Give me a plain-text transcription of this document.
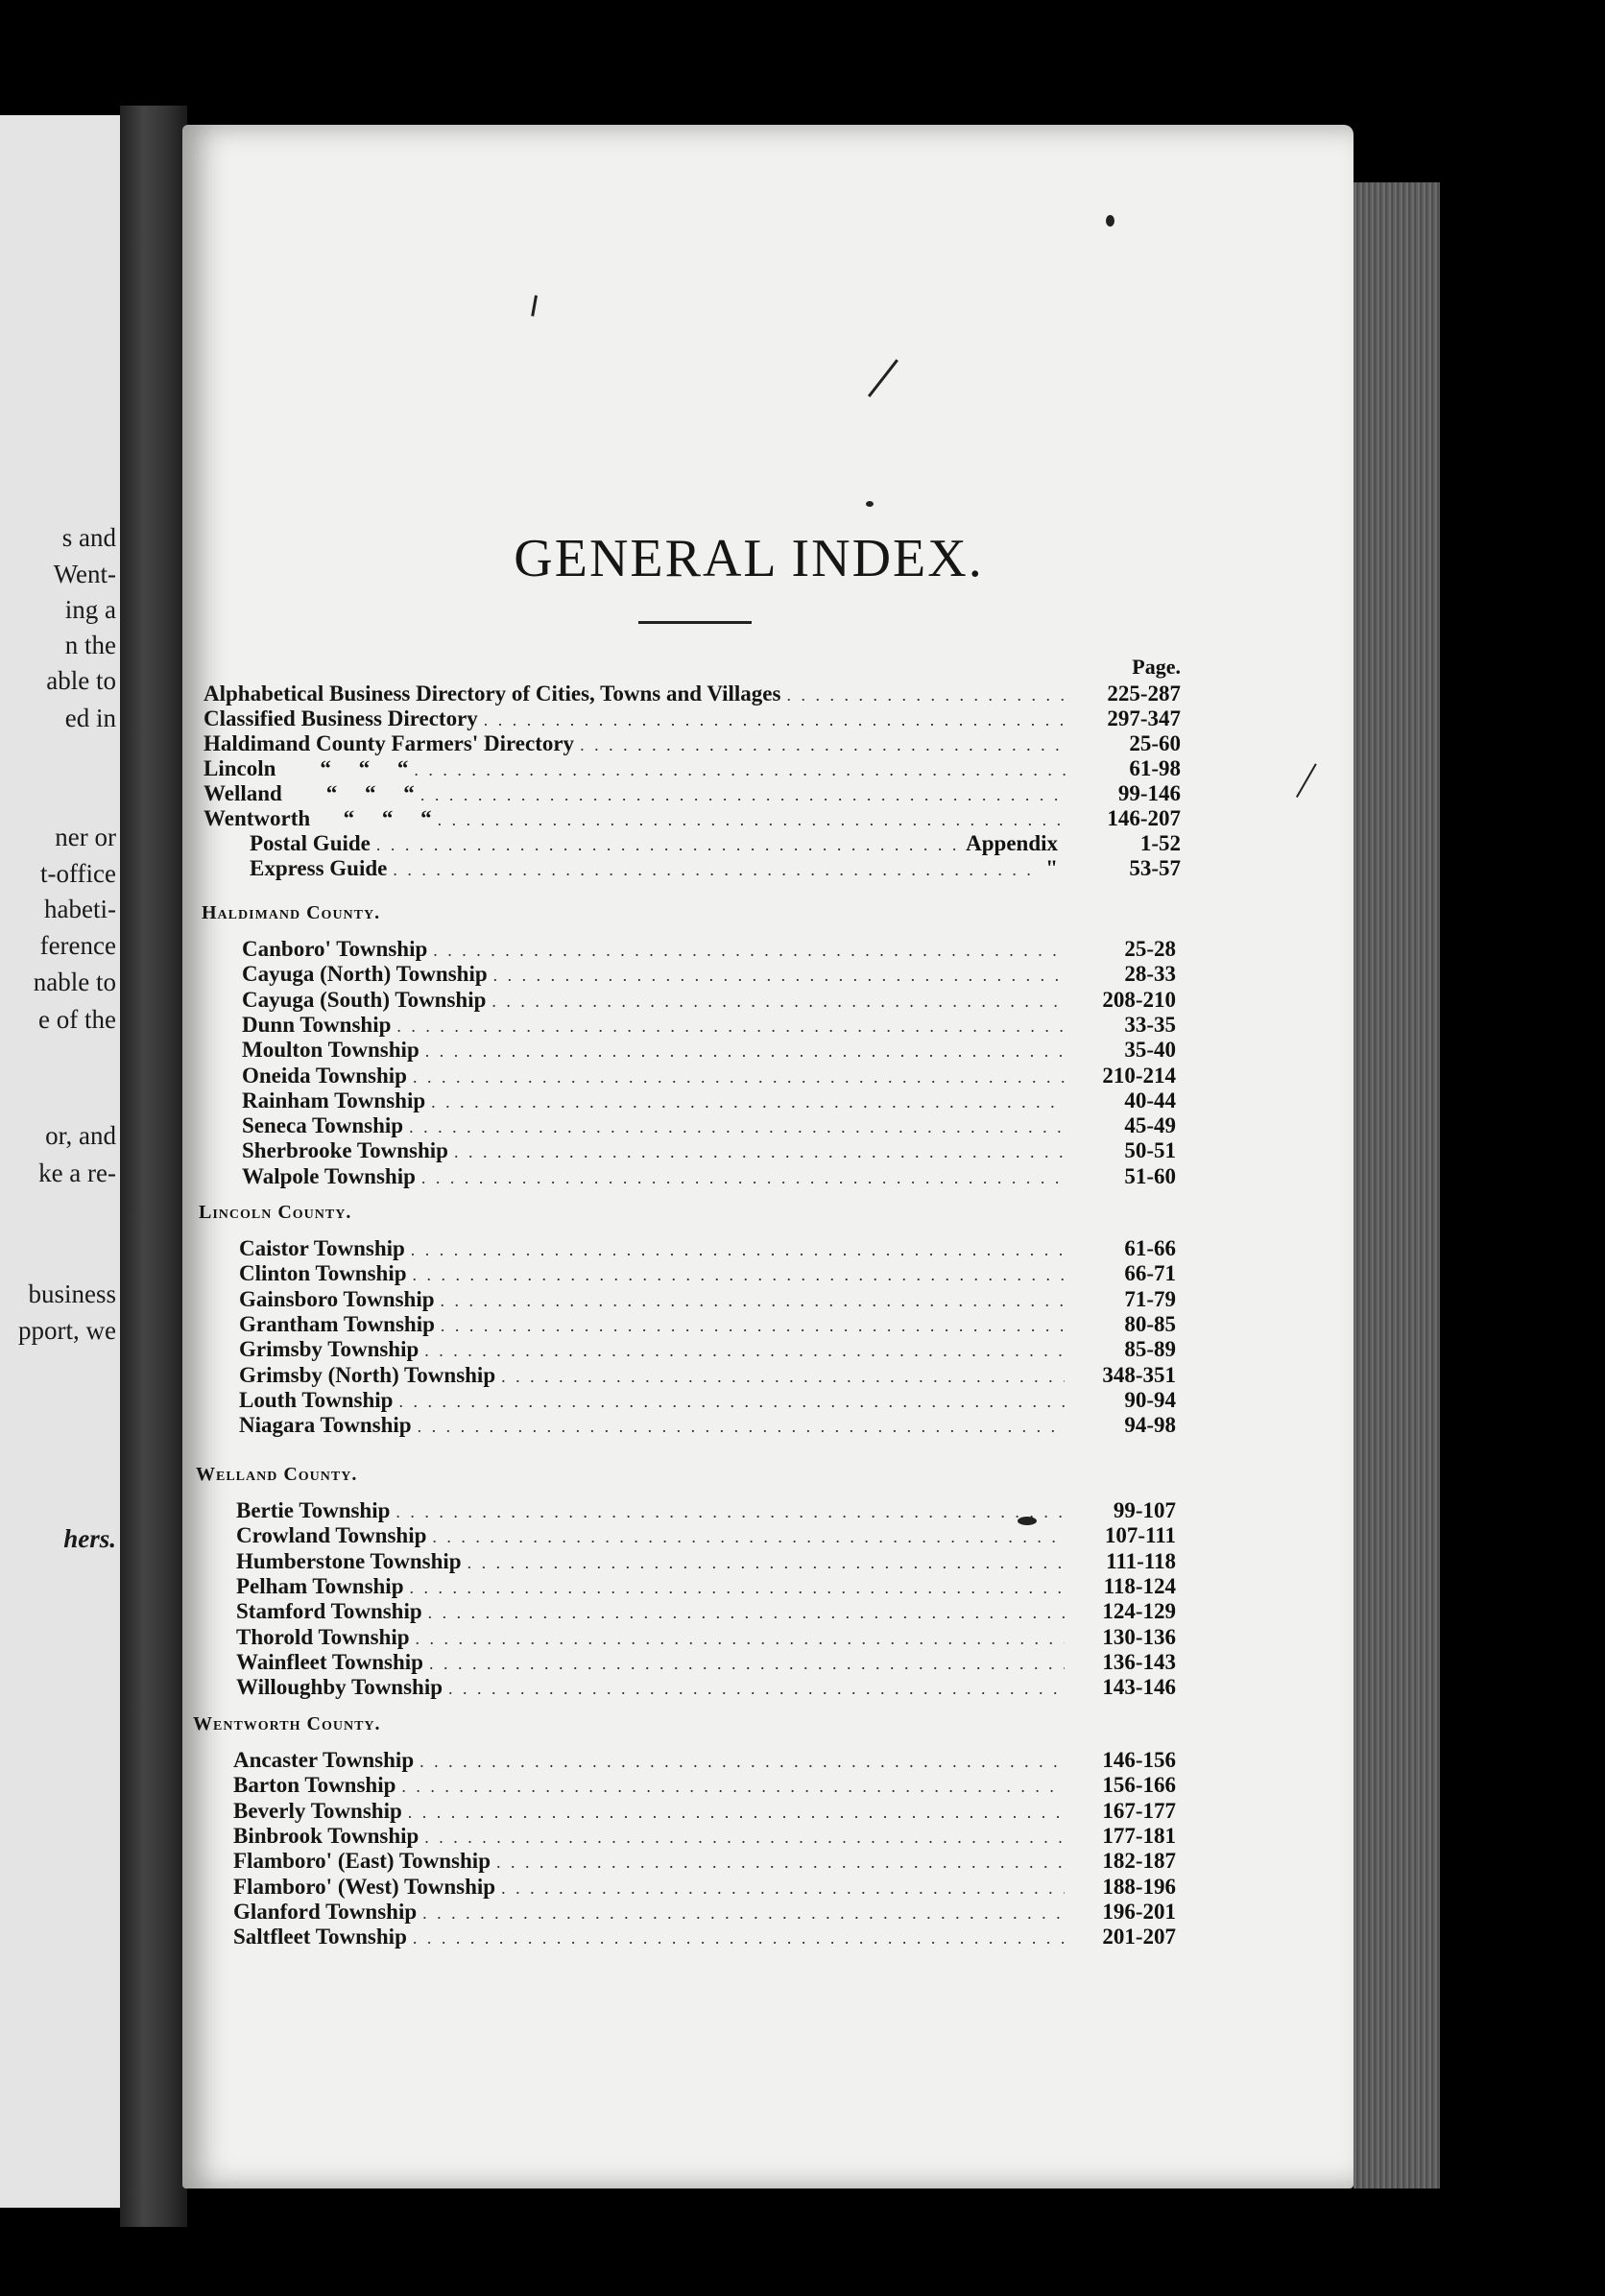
s and
Went-
ing a
n the
able to
ed in
ner or
t-office
habeti-
ference
nable to
e of the
or, and
ke a re-
business
pport, we
hers.
GENERAL INDEX.
Page.
Alphabetical Business Directory of Cities, Towns and Villages . . .	225-287
Classified Business Directory . . .	297-347
Haldimand County Farmers' Directory . . .	25-60
Lincoln        “     “     “ . . .	61-98
Welland        “     “     “ . . .	99-146
Wentworth      “     “     “ . . .	146-207
Postal Guide . . .	Appendix	1-52
Express Guide . . .	"	53-57
Haldimand County.
Canboro' Township . . .	25-28
Cayuga (North) Township . . .	28-33
Cayuga (South) Township . . .	208-210
Dunn Township . . .	33-35
Moulton Township . . .	35-40
Oneida Township . . .	210-214
Rainham Township . . .	40-44
Seneca Township . . .	45-49
Sherbrooke Township . . .	50-51
Walpole Township . . .	51-60
Lincoln County.
Caistor Township . . .	61-66
Clinton Township . . .	66-71
Gainsboro Township . . .	71-79
Grantham Township . . .	80-85
Grimsby Township . . .	85-89
Grimsby (North) Township . . .	348-351
Louth Township . . .	90-94
Niagara Township . . .	94-98
Welland County.
Bertie Township . . .	99-107
Crowland Township . . .	107-111
Humberstone Township . . .	111-118
Pelham Township . . .	118-124
Stamford Township . . .	124-129
Thorold Township . . .	130-136
Wainfleet Township . . .	136-143
Willoughby Township . . .	143-146
Wentworth County.
Ancaster Township . . .	146-156
Barton Township . . .	156-166
Beverly Township . . .	167-177
Binbrook Township . . .	177-181
Flamboro' (East) Township . . .	182-187
Flamboro' (West) Township . . .	188-196
Glanford Township . . .	196-201
Saltfleet Township . . .	201-207
